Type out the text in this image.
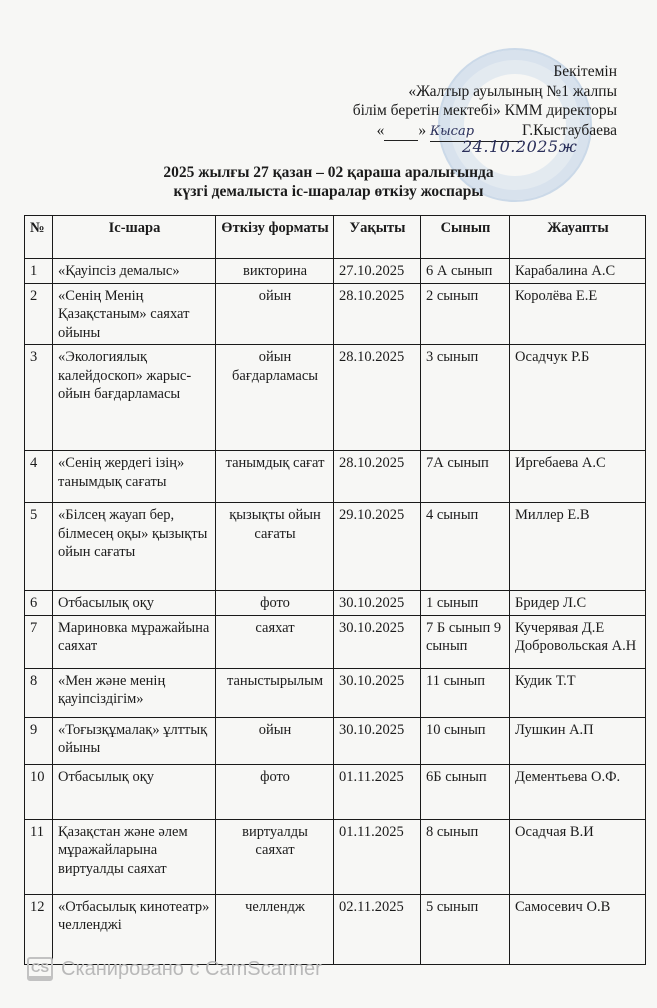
Бекітемін
«Жалтыр ауылының №1 жалпы
білім беретін мектебі» КММ директоры
« » Кысар	Г.Кыстаубаева
24.10.2025ж
2025 жылғы 27 қазан – 02 қараша аралығында
күзгі демалыста іс-шаралар өткізу жоспары
№	Іс-шара	Өткізу форматы	Уақыты	Сынып	Жауапты
1	«Қауіпсіз демалыс»	викторина	27.10.2025	6 А сынып	Карабалина А.С
2	«Сенің Менің Қазақстаным» саяхат ойыны	ойын	28.10.2025	2 сынып	Королёва Е.Е
3	«Экологиялық калейдоскоп» жарыс-ойын бағдарламасы	ойын бағдарламасы	28.10.2025	3 сынып	Осадчук Р.Б
4	«Сенің жердегі ізің» танымдық сағаты	танымдық сағат	28.10.2025	7А сынып	Иргебаева А.С
5	«Білсең жауап бер, білмесең оқы» қызықты ойын сағаты	қызықты ойын сағаты	29.10.2025	4 сынып	Миллер Е.В
6	Отбасылық оқу	фото	30.10.2025	1 сынып	Бридер Л.С
7	Мариновка мұражайына саяхат	саяхат	30.10.2025	7 Б сынып 9 сынып	Кучерявая Д.Е Добровольская А.Н
8	«Мен және менің қауіпсіздігім»	таныстырылым	30.10.2025	11 сынып	Кудик Т.Т
9	«Тоғызқұмалақ» ұлттық ойыны	ойын	30.10.2025	10 сынып	Лушкин А.П
10	Отбасылық оқу	фото	01.11.2025	6Б сынып	Дементьева О.Ф.
11	Қазақстан және әлем мұражайларына виртуалды саяхат	виртуалды саяхат	01.11.2025	8 сынып	Осадчая В.И
12	«Отбасылық кинотеатр» челленджі	челлендж	02.11.2025	5 сынып	Самосевич О.В
CS Сканировано с CamScanner
